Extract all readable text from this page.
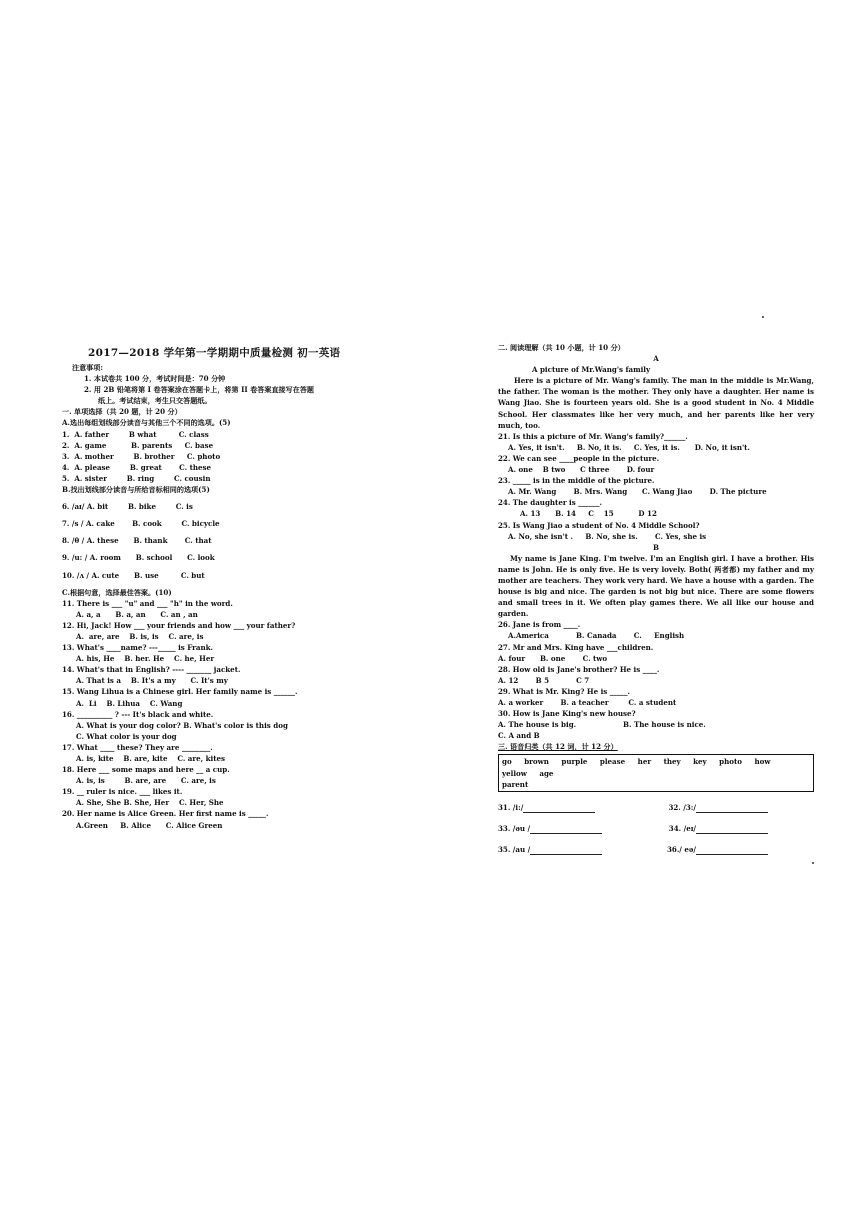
2017—2018 学年第一学期期中质量检测 初一英语
注意事项:
1. 本试卷共 100 分，考试时间是：70 分钟
2. 用 2B 铅笔将第 I 卷答案涂在答题卡上，将第 II 卷答案直接写在答题
纸上。考试结束，考生只交答题纸。
一. 单项选择（共 20 题，计 20 分）
A.选出每组划线部分读音与其他三个不同的选项。(5)
1.  A. father        B what         C. class
2.  A. game          B. parents     C. base
3.  A. mother        B. brother     C. photo
4.  A. please        B. great       C. these
5.  A. sister        B. ring        C. cousin
B.找出划线部分读音与所给音标相同的选项(5)
6. /aɪ/ A. bit        B. bike        C. is
7. /s / A. cake       B. cook        C. bicycle
8. /θ / A. these      B. thank       C. that
9. /u: / A. room      B. school      C. look
10. /ʌ / A. cute      B. use         C. but
C.根据句意，选择最佳答案。(10)
11. There is ___ "u" and ___ "h" in the word.
A. a, a      B. a, an      C. an , an
12. Hi, Jack! How ___ your friends and how ___ your father?
A.  are, are    B. is, is    C. are, is
13. What's ____name? ---_____ is Frank.
A. his, He    B. her. He    C. he, Her
14. What's that in English? ---- _______ jacket.
A. That is a    B. It's a my      C. It's my
15. Wang Lihua is a Chinese girl. Her family name is ______.
A.  Li    B. Lihua    C. Wang
16. __________ ? --- It's black and white.
A. What is your dog color? B. What's color is this dog
C. What color is your dog
17. What ____ these? They are ________.
A. is, kite    B. are, kite    C. are, kites
18. Here ___ some maps and here __ a cup.
A. is, is        B. are, are      C. are, is
19. __ ruler is nice. ___ likes it.
A. She, She B. She, Her    C. Her, She
20. Her name is Alice Green. Her first name is _____.
A.Green     B. Alice      C. Alice Green
二. 阅读理解（共 10 小题，计 10 分）
A
A picture of Mr.Wang's family
Here is a picture of Mr. Wang's family. The man in the middle is Mr.Wang, the father. The woman is the mother. They only have a daughter. Her name is Wang Jiao. She is fourteen years old. She is a good student in No. 4 Middle School. Her classmates like her very much, and her parents like her very much, too.
21. Is this a picture of Mr. Wang's family?______.
A. Yes, it isn't.     B. No, it is.     C. Yes, it is.      D. No, it isn't.
22. We can see ____people in the picture.
A. one    B two      C three       D. four
23. _____ is in the middle of the picture.
A. Mr. Wang       B. Mrs. Wang      C. Wang Jiao       D. The picture
24. The daughter is ______.
A. 13      B. 14     C    15          D 12
25. Is Wang Jiao a student of No. 4 Middle School?
A. No, she isn't .     B. No, she is.       C. Yes, she is
B
My name is Jane King. I'm twelve. I'm an English girl. I have a brother. His name is John. He is only five. He is very lovely. Both( 两者都) my father and my mother are teachers. They work very hard. We have a house with a garden. The house is big and nice. The garden is not big but nice. There are some flowers and small trees in it. We often play games there. We all like our house and garden.
26. Jane is from ____.
A.America           B. Canada       C.     English
27. Mr and Mrs. King have ___children.
A. four      B. one       C. two
28. How old is Jane's brother? He is ____.
A. 12       B 5           C 7
29. What is Mr. King? He is _____.
A. a worker       B. a teacher        C. a student
30. How is Jane King's new house?
A. The house is big.                   B. The house is nice.
C. A and B
三. 语音归类（共 12 词，计 12 分）
go brown purple please her they key photo how yellow age
parent
31. /i:/	32. /3:/
33. /əu /	34. /eɪ/
35. /au /	36./ eə/
